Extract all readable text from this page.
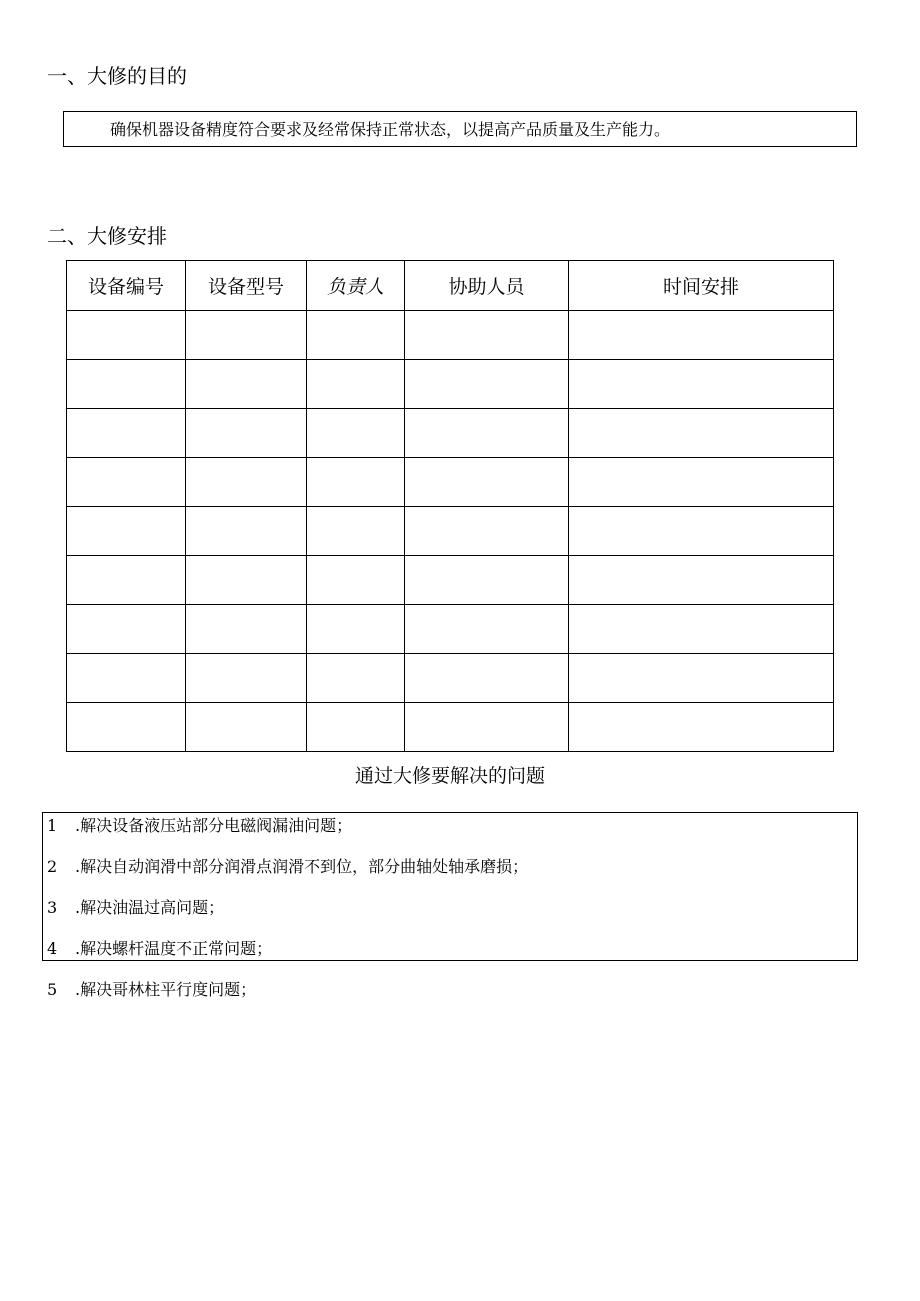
一、大修的目的
确保机器设备精度符合要求及经常保持正常状态，以提高产品质量及生产能力。
二、大修安排
设备编号	设备型号	负责人	协助人员	时间安排

通过大修要解决的问题
1 .解决设备液压站部分电磁阀漏油问题；
2 .解决自动润滑中部分润滑点润滑不到位，部分曲轴处轴承磨损；
3 .解决油温过高问题；
4 .解决螺杆温度不正常问题；
5 .解决哥林柱平行度问题；
